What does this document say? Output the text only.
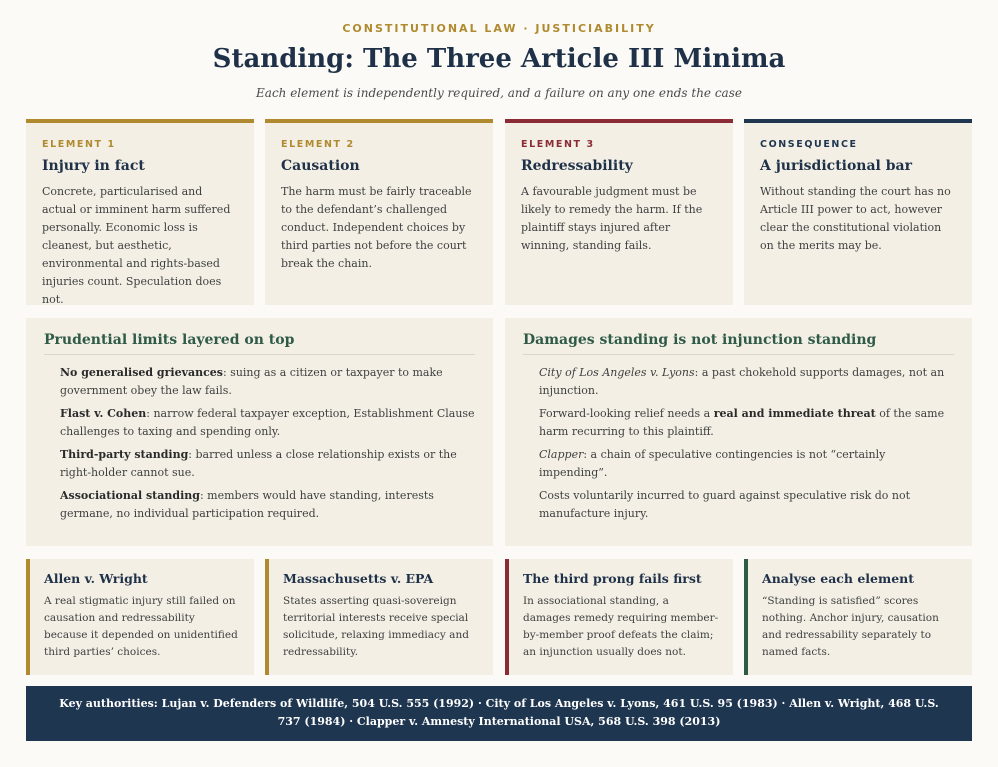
CONSTITUTIONAL LAW · JUSTICIABILITY
Standing: The Three Article III Minima
Each element is independently required, and a failure on any one ends the case
ELEMENT 1
Injury in fact
Concrete, particularised and actual or imminent harm suffered personally. Economic loss is cleanest, but aesthetic, environmental and rights-based injuries count. Speculation does not.
ELEMENT 2
Causation
The harm must be fairly traceable to the defendant’s challenged conduct. Independent choices by third parties not before the court break the chain.
ELEMENT 3
Redressability
A favourable judgment must be likely to remedy the harm. If the plaintiff stays injured after winning, standing fails.
CONSEQUENCE
A jurisdictional bar
Without standing the court has no Article III power to act, however clear the constitutional violation on the merits may be.
Prudential limits layered on top
No generalised grievances: suing as a citizen or taxpayer to make government obey the law fails.
Flast v. Cohen: narrow federal taxpayer exception, Establishment Clause challenges to taxing and spending only.
Third-party standing: barred unless a close relationship exists or the right-holder cannot sue.
Associational standing: members would have standing, interests germane, no individual participation required.
Damages standing is not injunction standing
City of Los Angeles v. Lyons: a past chokehold supports damages, not an injunction.
Forward-looking relief needs a real and immediate threat of the same harm recurring to this plaintiff.
Clapper: a chain of speculative contingencies is not “certainly impending”.
Costs voluntarily incurred to guard against speculative risk do not manufacture injury.
Allen v. Wright
A real stigmatic injury still failed on causation and redressability because it depended on unidentified third parties’ choices.
Massachusetts v. EPA
States asserting quasi-sovereign territorial interests receive special solicitude, relaxing immediacy and redressability.
The third prong fails first
In associational standing, a damages remedy requiring member-by-member proof defeats the claim; an injunction usually does not.
Analyse each element
“Standing is satisfied” scores nothing. Anchor injury, causation and redressability separately to named facts.
Key authorities: Lujan v. Defenders of Wildlife, 504 U.S. 555 (1992) · City of Los Angeles v. Lyons, 461 U.S. 95 (1983) · Allen v. Wright, 468 U.S. 737 (1984) · Clapper v. Amnesty International USA, 568 U.S. 398 (2013)
